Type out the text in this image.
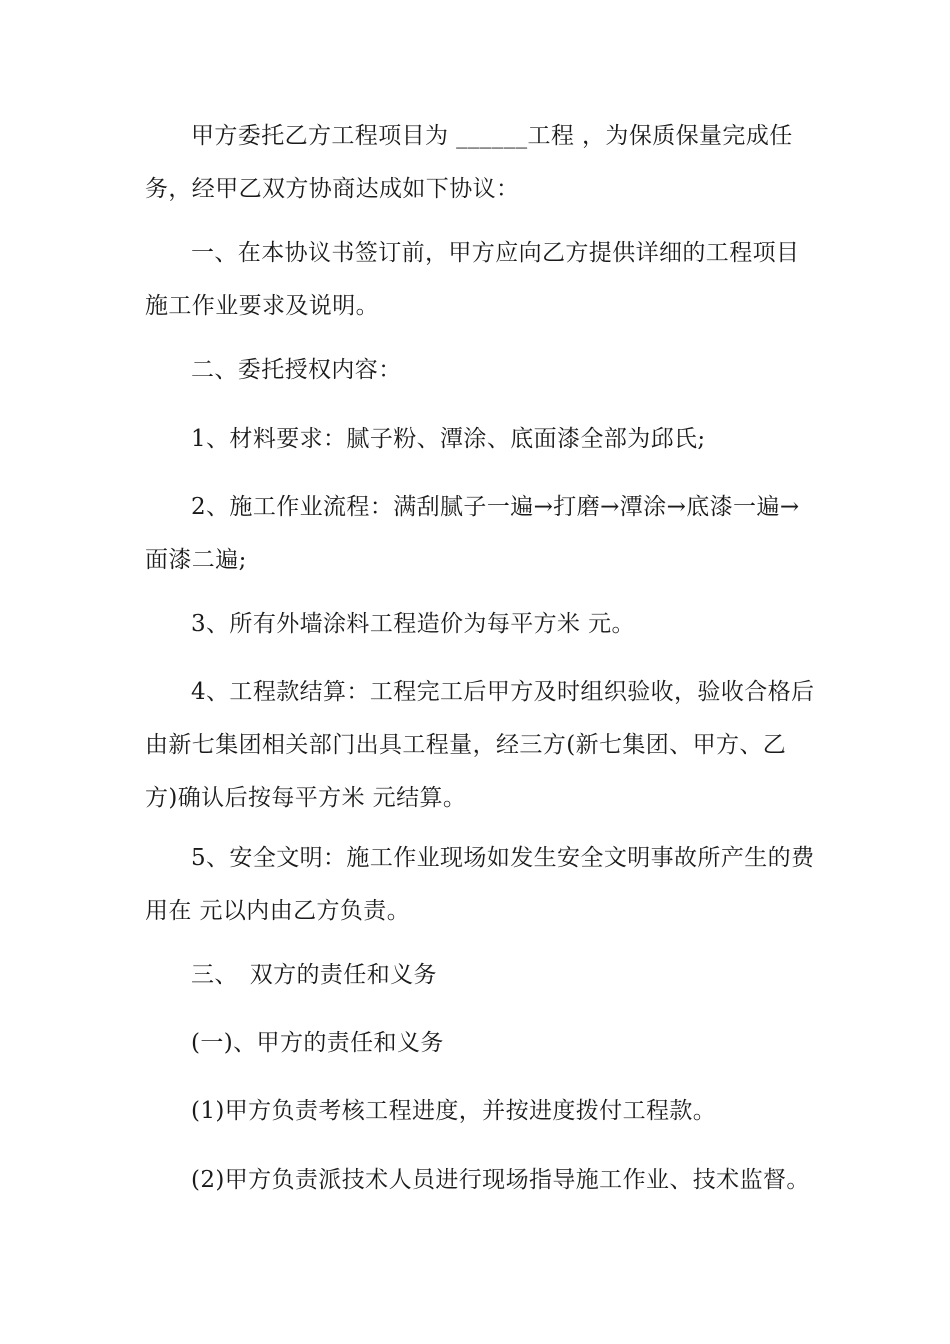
甲方委托乙方工程项目为 ______工程 ，为保质保量完成任务，经甲乙双方协商达成如下协议：

一、在本协议书签订前，甲方应向乙方提供详细的工程项目施工作业要求及说明。

二、委托授权内容：

1、材料要求：腻子粉、潭涂、底面漆全部为邱氏;

2、施工作业流程：满刮腻子一遍→打磨→潭涂→底漆一遍→面漆二遍;

3、所有外墙涂料工程造价为每平方米 元。

4、工程款结算：工程完工后甲方及时组织验收，验收合格后由新七集团相关部门出具工程量，经三方(新七集团、甲方、乙方)确认后按每平方米 元结算。

5、安全文明：施工作业现场如发生安全文明事故所产生的费用在 元以内由乙方负责。

三、　双方的责任和义务

(一)、甲方的责任和义务

(1)甲方负责考核工程进度，并按进度拨付工程款。

(2)甲方负责派技术人员进行现场指导施工作业、技术监督。
